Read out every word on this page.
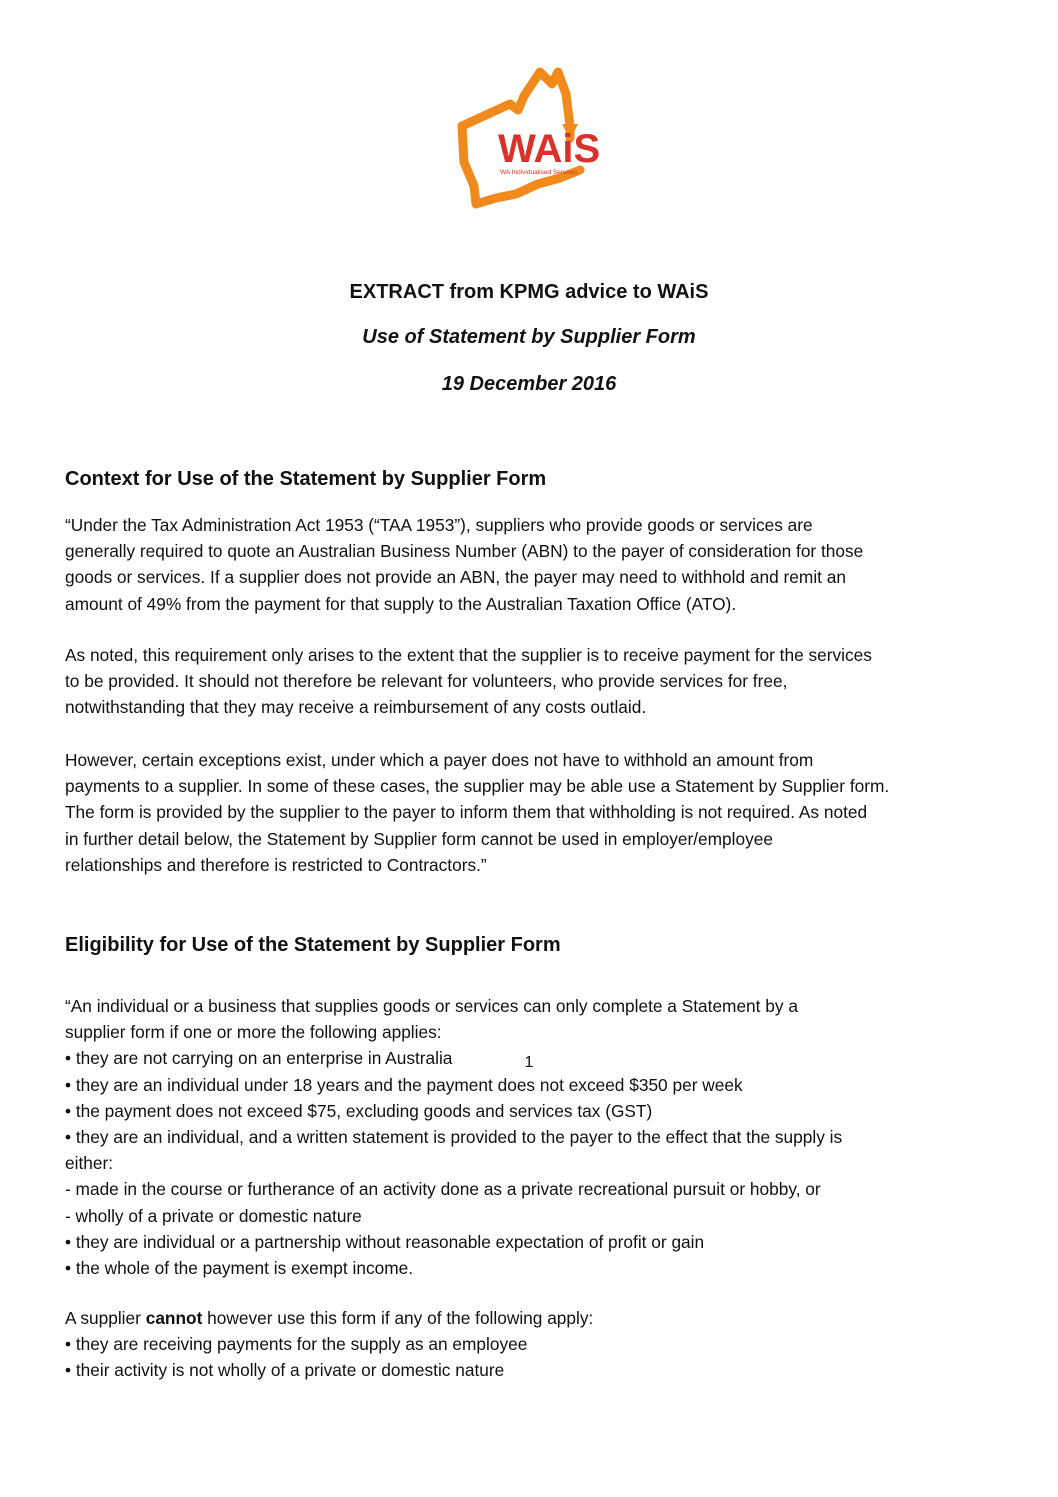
WAiS
WA Individualised Services
EXTRACT from KPMG advice to WAiS
Use of Statement by Supplier Form
19 December 2016
Context for Use of the Statement by Supplier Form
“Under the Tax Administration Act 1953 (“TAA 1953”), suppliers who provide goods or services are
generally required to quote an Australian Business Number (ABN) to the payer of consideration for those
goods or services. If a supplier does not provide an ABN, the payer may need to withhold and remit an
amount of 49% from the payment for that supply to the Australian Taxation Office (ATO).
As noted, this requirement only arises to the extent that the supplier is to receive payment for the services
to be provided. It should not therefore be relevant for volunteers, who provide services for free,
notwithstanding that they may receive a reimbursement of any costs outlaid.
However, certain exceptions exist, under which a payer does not have to withhold an amount from
payments to a supplier. In some of these cases, the supplier may be able use a Statement by Supplier form.
The form is provided by the supplier to the payer to inform them that withholding is not required. As noted
in further detail below, the Statement by Supplier form cannot be used in employer/employee
relationships and therefore is restricted to Contractors.”
Eligibility for Use of the Statement by Supplier Form
“An individual or a business that supplies goods or services can only complete a Statement by a
supplier form if one or more the following applies:
• they are not carrying on an enterprise in Australia
• they are an individual under 18 years and the payment does not exceed $350 per week
• the payment does not exceed $75, excluding goods and services tax (GST)
• they are an individual, and a written statement is provided to the payer to the effect that the supply is
either:
- made in the course or furtherance of an activity done as a private recreational pursuit or hobby, or
- wholly of a private or domestic nature
• they are individual or a partnership without reasonable expectation of profit or gain
• the whole of the payment is exempt income.
A supplier cannot however use this form if any of the following apply:
• they are receiving payments for the supply as an employee
• their activity is not wholly of a private or domestic nature
1
